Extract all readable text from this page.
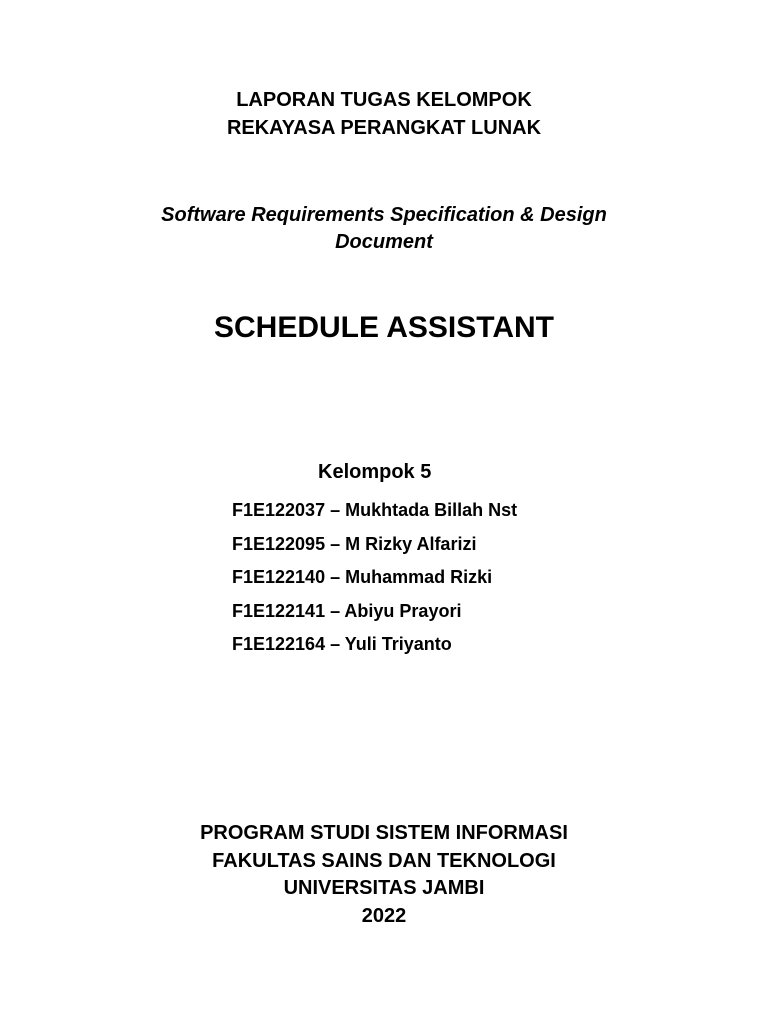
LAPORAN TUGAS KELOMPOK
REKAYASA PERANGKAT LUNAK
Software Requirements Specification & Design
Document
SCHEDULE ASSISTANT
Kelompok 5
F1E122037 – Mukhtada Billah Nst
F1E122095 – M Rizky Alfarizi
F1E122140 – Muhammad Rizki
F1E122141 – Abiyu Prayori
F1E122164 – Yuli Triyanto
PROGRAM STUDI SISTEM INFORMASI
FAKULTAS SAINS DAN TEKNOLOGI
UNIVERSITAS JAMBI
2022
